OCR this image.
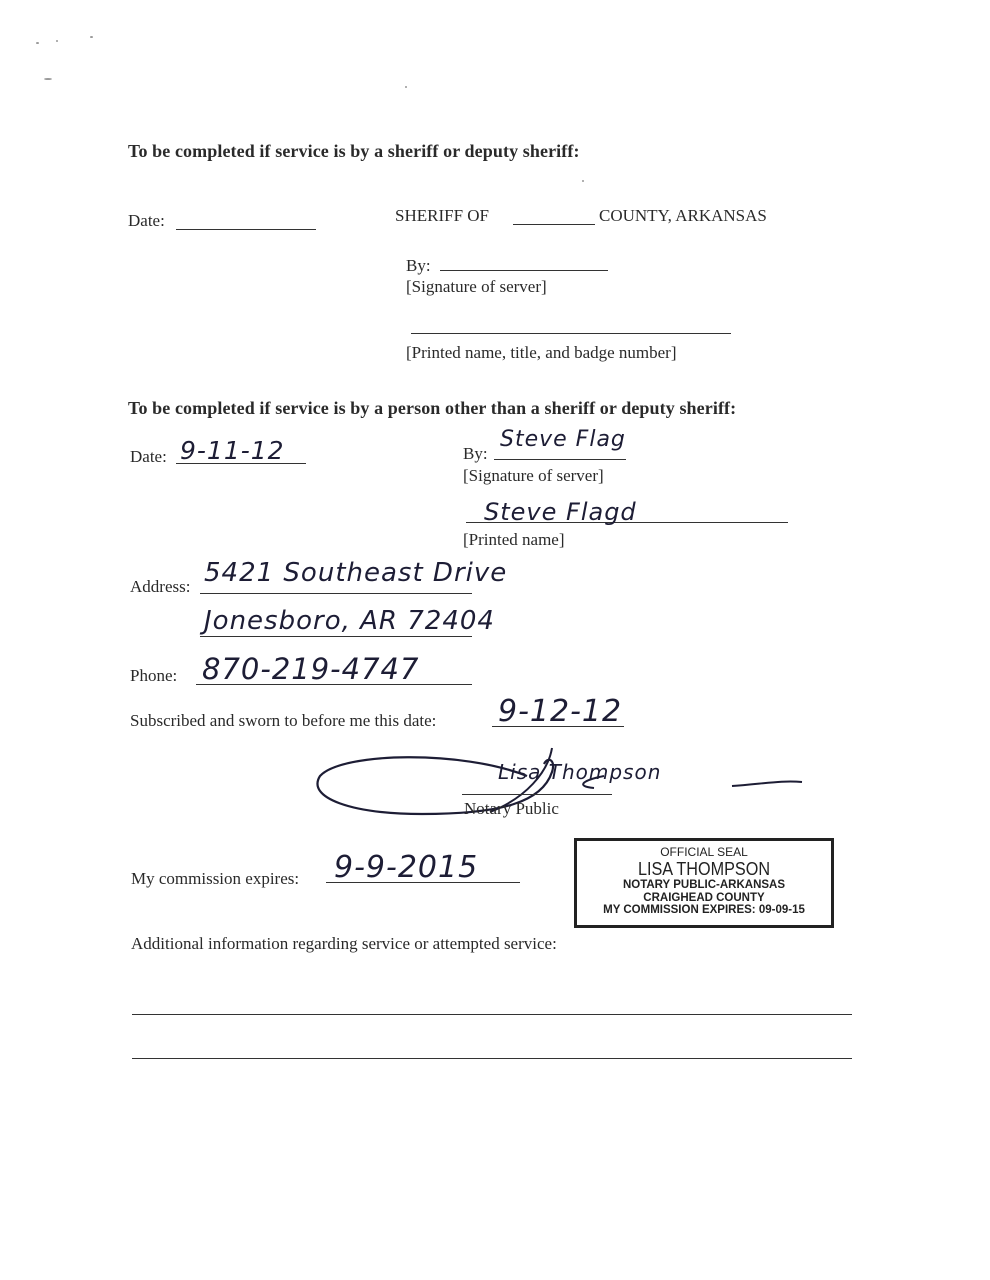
To be completed if service is by a sheriff or deputy sheriff:
Date:	SHERIFF OF	COUNTY, ARKANSAS
By:
[Signature of server]
[Printed name, title, and badge number]
To be completed if service is by a person other than a sheriff or deputy sheriff:
Date: 9-11-12	By:
Steve Flag
[Signature of server]
Steve Flagd
[Printed name]
Address: 5421 Southeast Drive
Jonesboro, AR 72404
Phone: 870-219-4747
Subscribed and sworn to before me this date: 9-12-12
Lisa Thompson
Notary Public
My commission expires: 9-9-2015	OFFICIAL SEAL
LISA THOMPSON
NOTARY PUBLIC-ARKANSAS
CRAIGHEAD COUNTY
MY COMMISSION EXPIRES: 09-09-15
Additional information regarding service or attempted service:
